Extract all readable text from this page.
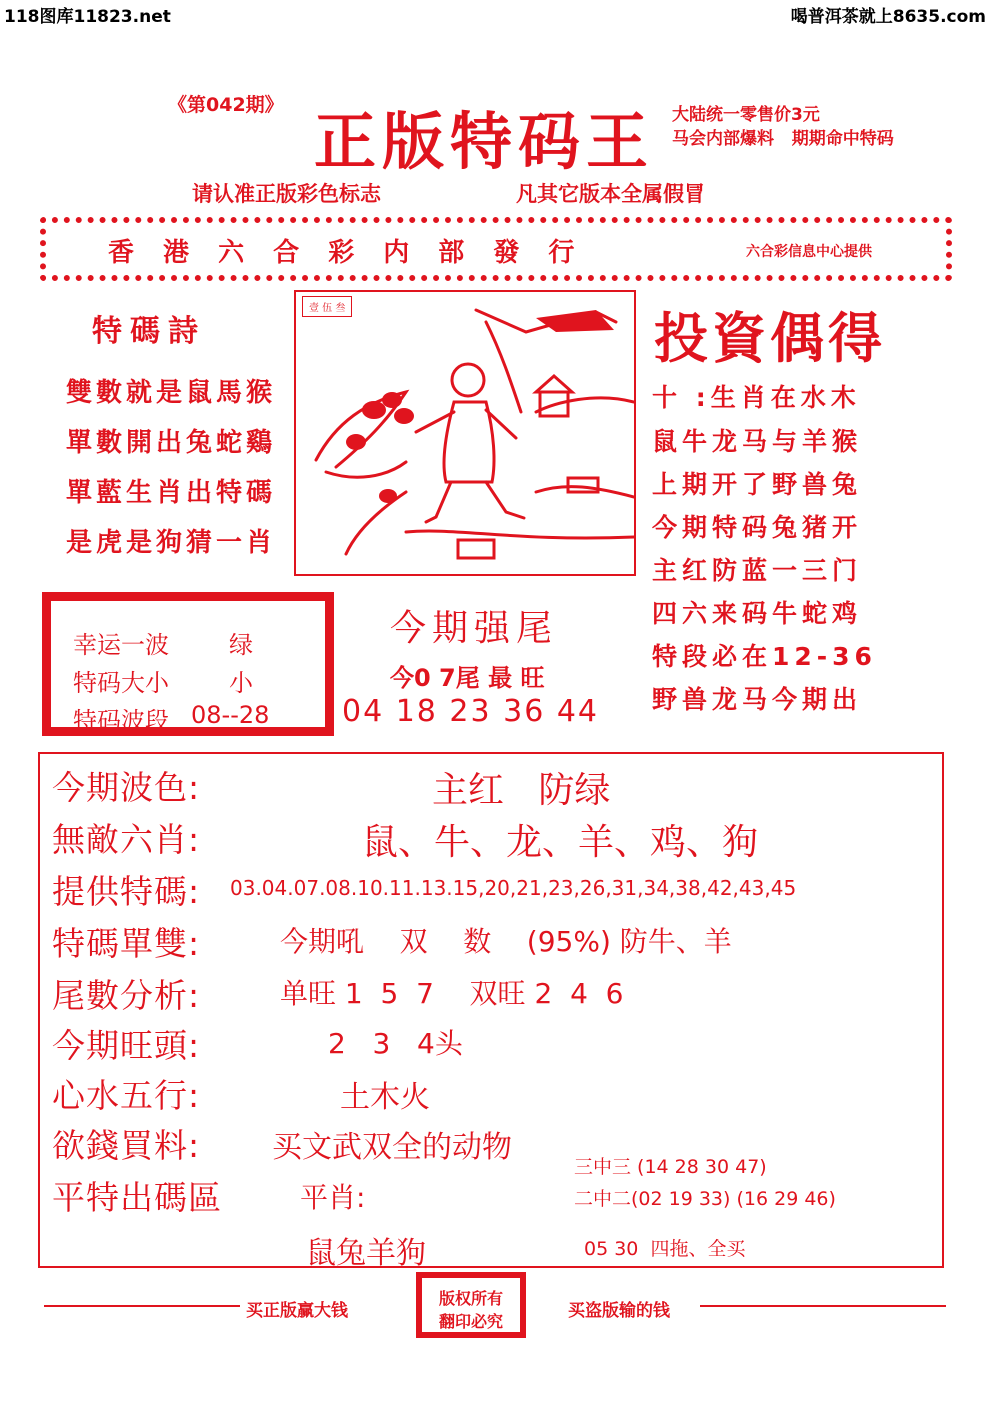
118图库11823.net	喝普洱茶就上8635.com
《第042期》 正版特码王 大陆统一零售价3元
马会内部爆料   期期命中特码
请认准正版彩色标志	凡其它版本全属假冒
香 港 六 合 彩 内 部 發 行	六合彩信息中心提供
特碼詩
雙數就是鼠馬猴
單數開出兔蛇鷄
單藍生肖出特碼
是虎是狗猜一肖
壹 伍 叁	投資偶得
十 :生肖在水木
鼠牛龙马与羊猴
上期开了野兽兔
今期特码兔猪开
主红防蓝一三门
四六来码牛蛇鸡
特段必在12-36
野兽龙马今期出
幸运一波	绿
特码大小	小
特码波段 08--28
今期强尾
今0 7尾 最 旺
04 18 23 36 44
今期波色:	主红   防绿
無敵六肖:	鼠、牛、龙、羊、鸡、狗
提供特碼: 03.04.07.08.10.11.13.15,20,21,23,26,31,34,38,42,43,45
特碼單雙:	今期吼    双    数    (95%) 防牛、羊
尾數分析:	单旺 1  5  7    双旺 2  4  6
今期旺頭:	2   3   4头
心水五行:	土木火
欲錢買料: 买文武双全的动物
平特出碼區	平肖:
鼠兔羊狗
三中三 (14 28 30 47)
二中二(02 19 33) (16 29 46)
05 30  四拖、全买
买正版赢大钱
版权所有
翻印必究
买盗版输的钱
